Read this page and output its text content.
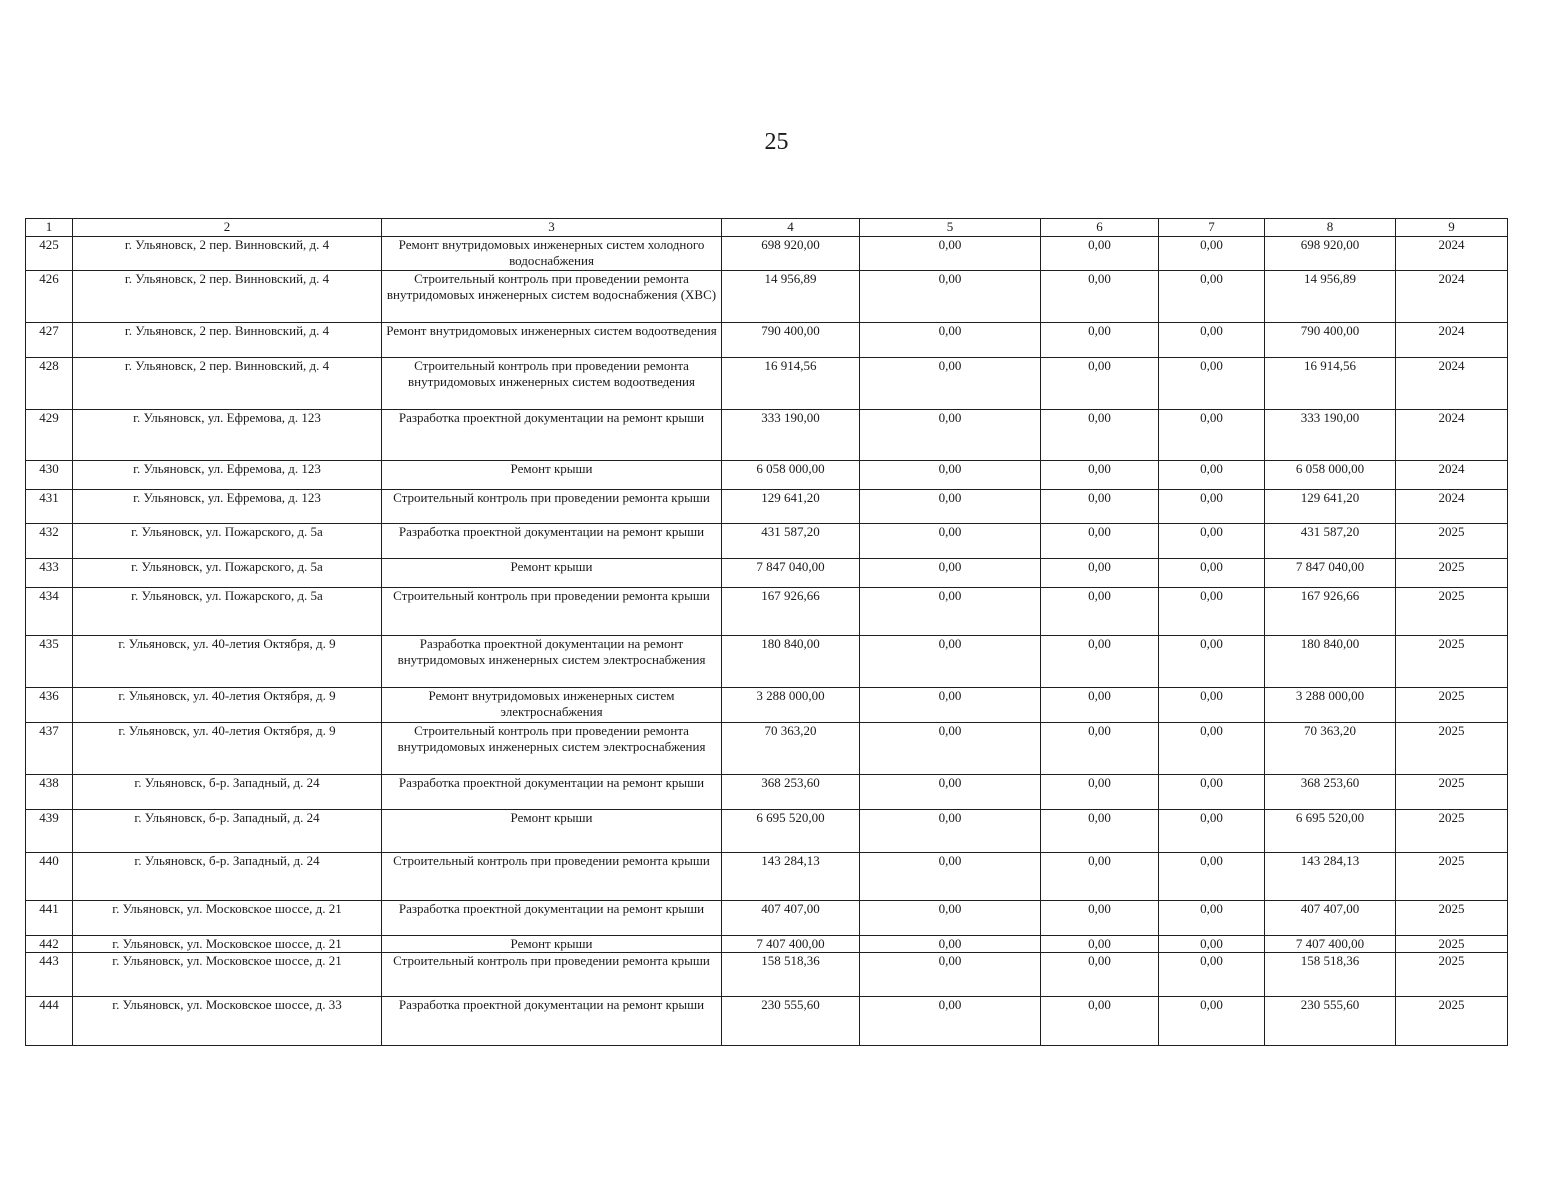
25
1	2	3	4	5	6	7	8	9
425	г. Ульяновск, 2 пер. Винновский, д. 4	Ремонт внутридомовых инженерных систем холодного водоснабжения	698 920,00	0,00	0,00	0,00	698 920,00	2024
426	г. Ульяновск, 2 пер. Винновский, д. 4	Строительный контроль при проведении ремонта внутридомовых инженерных систем водоснабжения (ХВС)	14 956,89	0,00	0,00	0,00	14 956,89	2024
427	г. Ульяновск, 2 пер. Винновский, д. 4	Ремонт внутридомовых инженерных систем водоотведения	790 400,00	0,00	0,00	0,00	790 400,00	2024
428	г. Ульяновск, 2 пер. Винновский, д. 4	Строительный контроль при проведении ремонта внутридомовых инженерных систем водоотведения	16 914,56	0,00	0,00	0,00	16 914,56	2024
429	г. Ульяновск, ул. Ефремова, д. 123	Разработка проектной документации на ремонт крыши	333 190,00	0,00	0,00	0,00	333 190,00	2024
430	г. Ульяновск, ул. Ефремова, д. 123	Ремонт крыши	6 058 000,00	0,00	0,00	0,00	6 058 000,00	2024
431	г. Ульяновск, ул. Ефремова, д. 123	Строительный контроль при проведении ремонта крыши	129 641,20	0,00	0,00	0,00	129 641,20	2024
432	г. Ульяновск, ул. Пожарского, д. 5а	Разработка проектной документации на ремонт крыши	431 587,20	0,00	0,00	0,00	431 587,20	2025
433	г. Ульяновск, ул. Пожарского, д. 5а	Ремонт крыши	7 847 040,00	0,00	0,00	0,00	7 847 040,00	2025
434	г. Ульяновск, ул. Пожарского, д. 5а	Строительный контроль при проведении ремонта крыши	167 926,66	0,00	0,00	0,00	167 926,66	2025
435	г. Ульяновск, ул. 40-летия Октября, д. 9	Разработка проектной документации на ремонт внутридомовых инженерных систем электроснабжения	180 840,00	0,00	0,00	0,00	180 840,00	2025
436	г. Ульяновск, ул. 40-летия Октября, д. 9	Ремонт внутридомовых инженерных систем электроснабжения	3 288 000,00	0,00	0,00	0,00	3 288 000,00	2025
437	г. Ульяновск, ул. 40-летия Октября, д. 9	Строительный контроль при проведении ремонта внутридомовых инженерных систем электроснабжения	70 363,20	0,00	0,00	0,00	70 363,20	2025
438	г. Ульяновск, б-р. Западный, д. 24	Разработка проектной документации на ремонт крыши	368 253,60	0,00	0,00	0,00	368 253,60	2025
439	г. Ульяновск, б-р. Западный, д. 24	Ремонт крыши	6 695 520,00	0,00	0,00	0,00	6 695 520,00	2025
440	г. Ульяновск, б-р. Западный, д. 24	Строительный контроль при проведении ремонта крыши	143 284,13	0,00	0,00	0,00	143 284,13	2025
441	г. Ульяновск, ул. Московское шоссе, д. 21	Разработка проектной документации на ремонт крыши	407 407,00	0,00	0,00	0,00	407 407,00	2025
442	г. Ульяновск, ул. Московское шоссе, д. 21	Ремонт крыши	7 407 400,00	0,00	0,00	0,00	7 407 400,00	2025
443	г. Ульяновск, ул. Московское шоссе, д. 21	Строительный контроль при проведении ремонта крыши	158 518,36	0,00	0,00	0,00	158 518,36	2025
444	г. Ульяновск, ул. Московское шоссе, д. 33	Разработка проектной документации на ремонт крыши	230 555,60	0,00	0,00	0,00	230 555,60	2025
